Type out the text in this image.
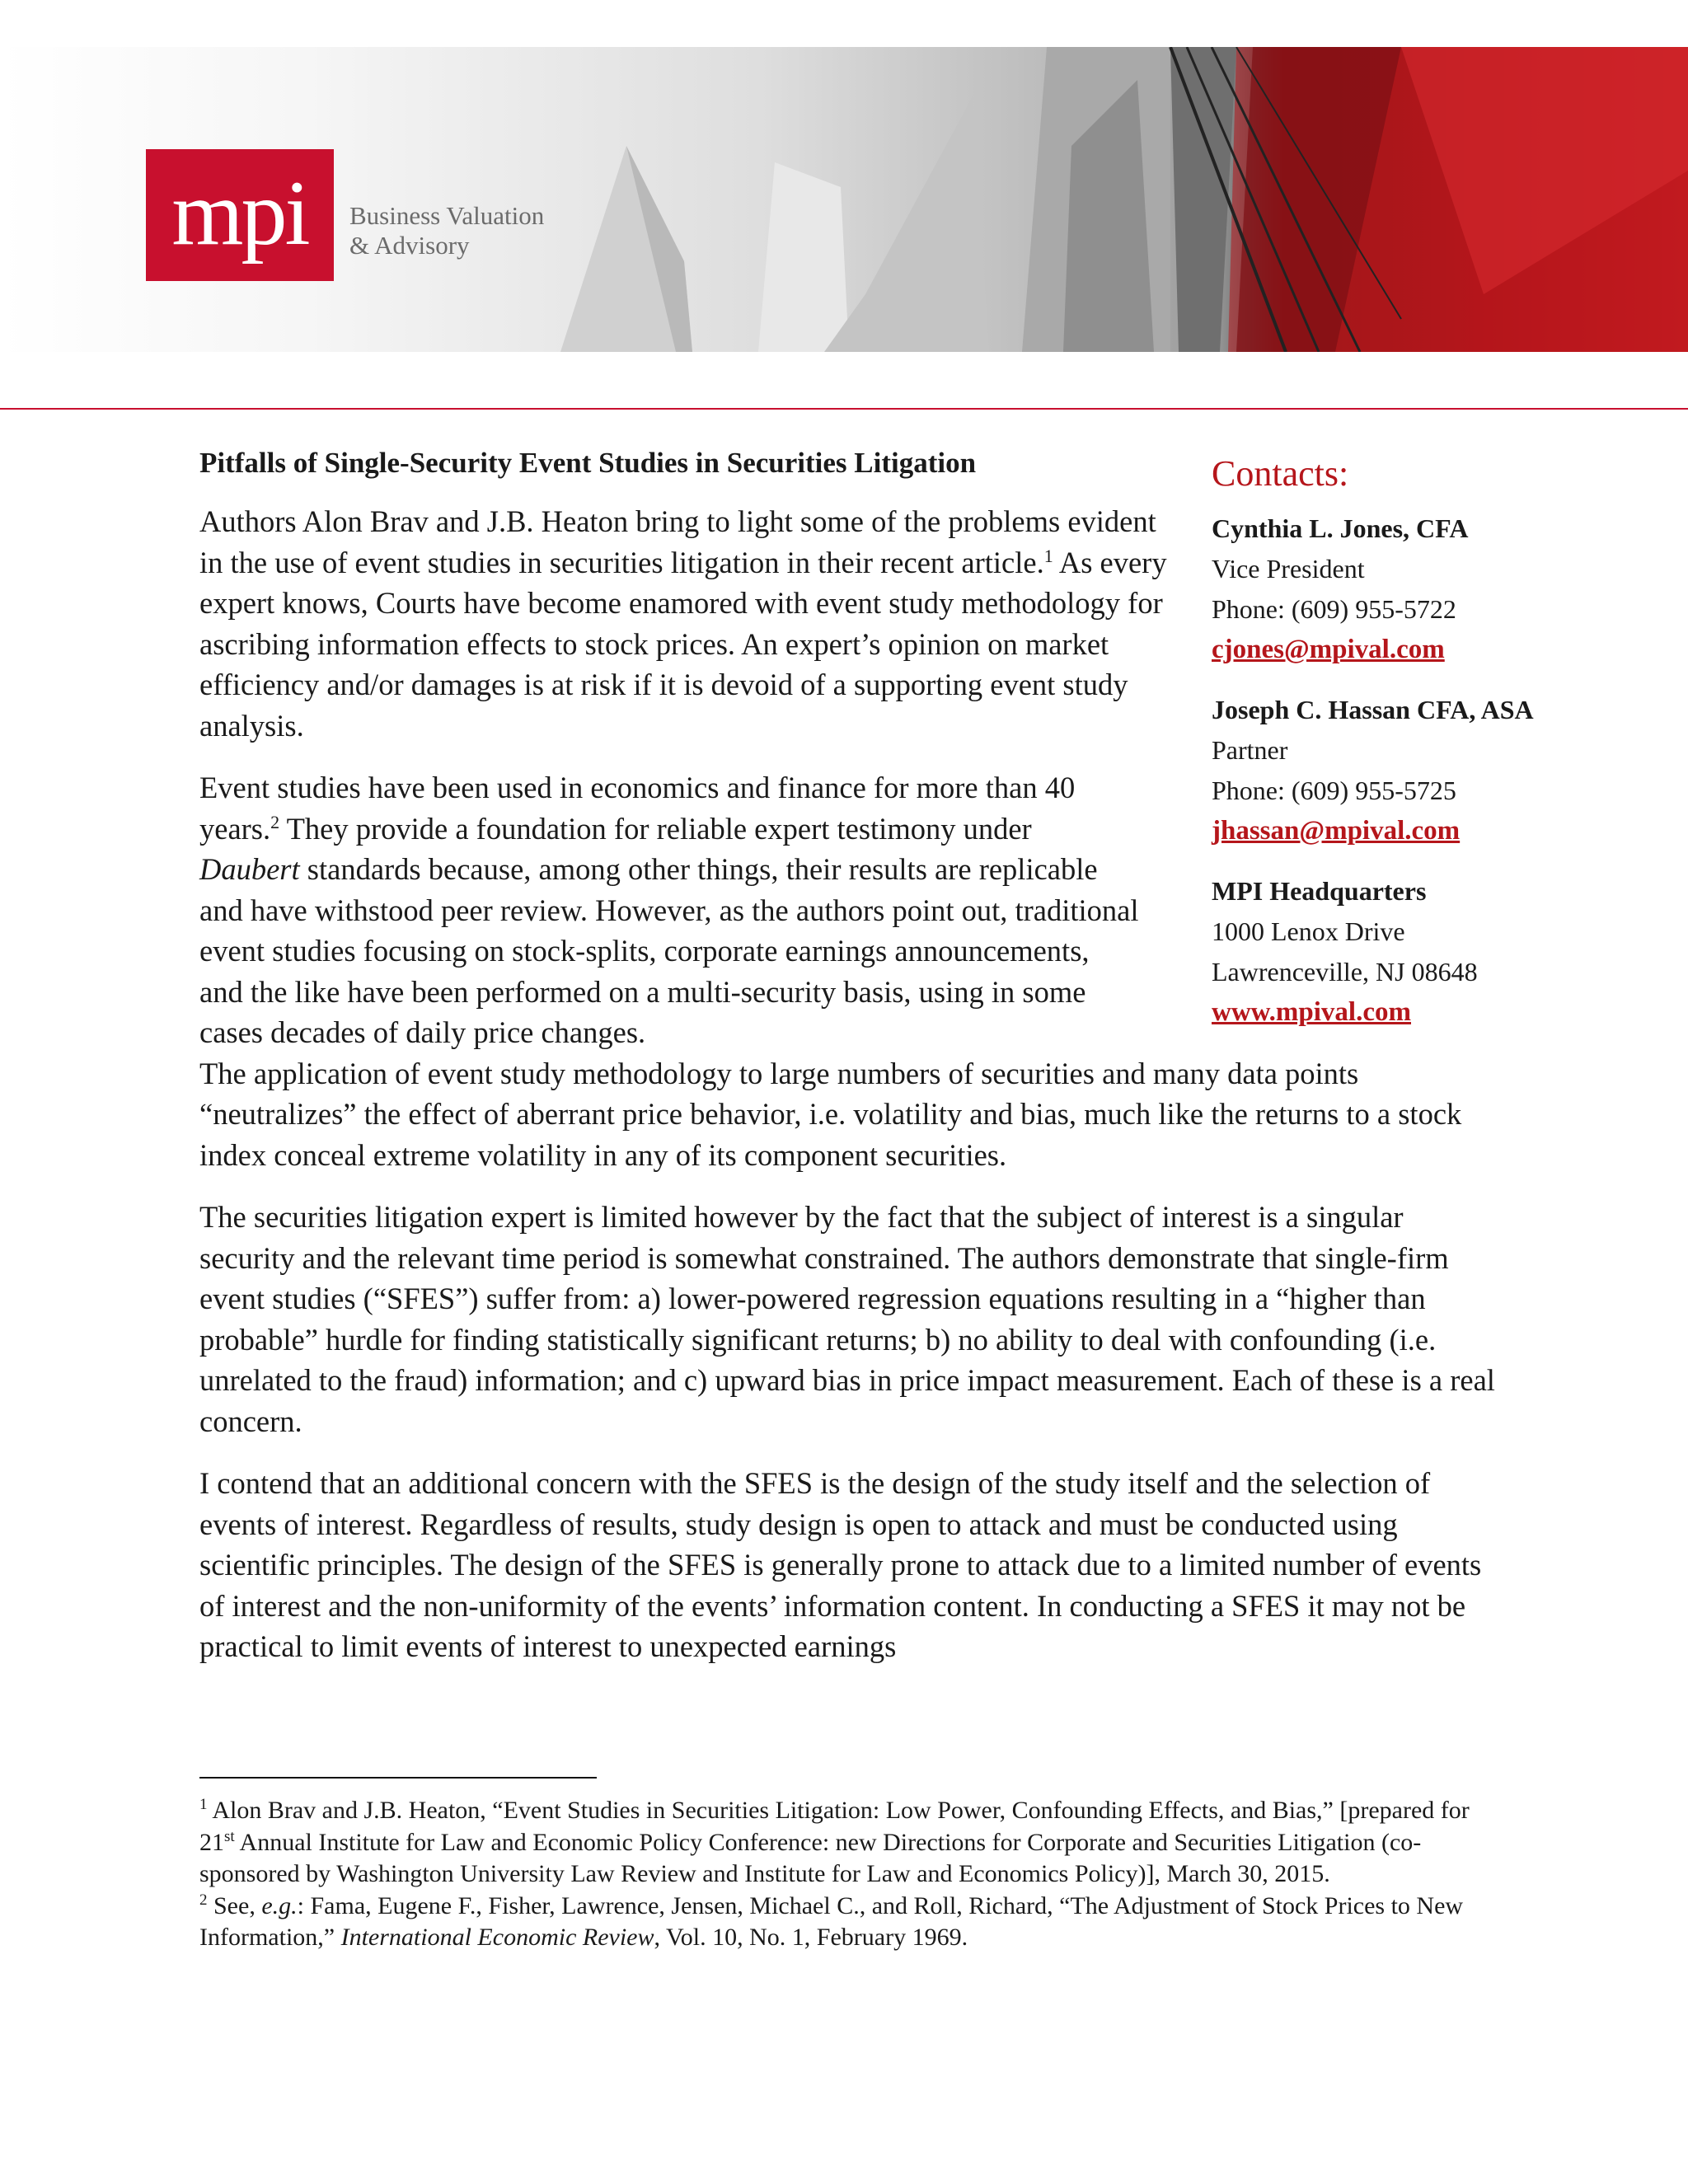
mpi	Business Valuation
& Advisory
Pitfalls of Single-Security Event Studies in Securities Litigation

Authors Alon Brav and J.B. Heaton bring to light some of the problems evident in the use of event studies in securities litigation in their recent article.$^1$ As every expert knows, Courts have become enamored with event study methodology for ascribing information effects to stock prices. An expert’s opinion on market efficiency and/or damages is at risk if it is devoid of a supporting event study analysis.

Event studies have been used in economics and finance for more than 40 years.$^2$ They provide a foundation for reliable expert testimony under Daubert standards because, among other things, their results are replicable and have withstood peer review. However, as the authors point out, traditional event studies focusing on stock-splits, corporate earnings announcements, and the like have been performed on a multi-security basis, using in some cases decades of daily price changes.
The application of event study methodology to large numbers of securities and many data points “neutralizes” the effect of aberrant price behavior, i.e. volatility and bias, much like the returns to a stock index conceal extreme volatility in any of its component securities.

The securities litigation expert is limited however by the fact that the subject of interest is a singular security and the relevant time period is somewhat constrained. The authors demonstrate that single-firm event studies (“SFES”) suffer from: a) lower-powered regression equations resulting in a “higher than probable” hurdle for finding statistically significant returns; b) no ability to deal with confounding (i.e. unrelated to the fraud) information; and c) upward bias in price impact measurement. Each of these is a real concern.

I contend that an additional concern with the SFES is the design of the study itself and the selection of events of interest. Regardless of results, study design is open to attack and must be conducted using scientific principles. The design of the SFES is generally prone to attack due to a limited number of events of interest and the non-uniformity of the events’ information content. In conducting a SFES it may not be practical to limit events of interest to unexpected earnings

Contacts:
Cynthia L. Jones, CFA
Vice President
Phone: (609) 955-5722
cjones@mpival.com
Joseph C. Hassan CFA, ASA
Partner
Phone: (609) 955-5725
jhassan@mpival.com
MPI Headquarters
1000 Lenox Drive
Lawrenceville, NJ 08648
www.mpival.com
$^1$ Alon Brav and J.B. Heaton, “Event Studies in Securities Litigation: Low Power, Confounding Effects, and Bias,” [prepared for 21st Annual Institute for Law and Economic Policy Conference: new Directions for Corporate and Securities Litigation (co-sponsored by Washington University Law Review and Institute for Law and Economics Policy)], March 30, 2015.
$^2$ See, e.g.: Fama, Eugene F., Fisher, Lawrence, Jensen, Michael C., and Roll, Richard, “The Adjustment of Stock Prices to New Information,” International Economic Review, Vol. 10, No. 1, February 1969.
